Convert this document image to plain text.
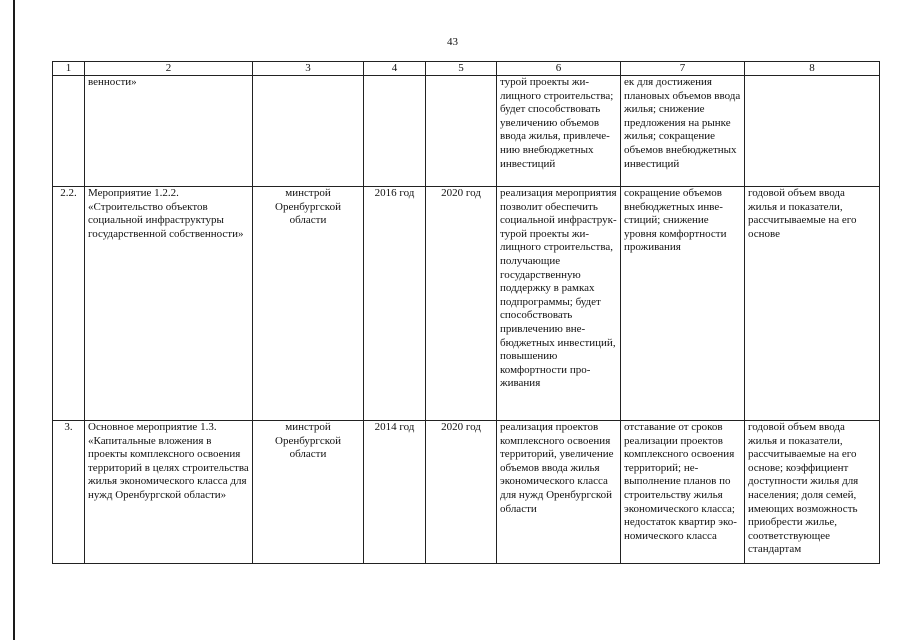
43
1	2	3	4	5	6	7	8
	венности»				турой проекты жилищного строительства; будет способствовать увеличению объемов ввода жилья, привлечению внебюджетных инвестиций	ек для достижения плановых объемов ввода жилья; снижение предложения на рынке жилья; сокращение объемов внебюджетных инвестиций	
2.2.	Мероприятие 1.2.2. «Строительство объектов социальной инфраструктуры государственной собственности»	минстрой Оренбургской области	2016 год	2020 год	реализация мероприятия позволит обеспечить социальной инфраструктурой проекты жилищного строительства, получающие государственную поддержку в рамках подпрограммы; будет способствовать привлечению внебюджетных инвестиций, повышению комфортности проживания	сокращение объемов внебюджетных инвестиций; снижение уровня комфортности проживания	годовой объем ввода жилья и показатели, рассчитываемые на его основе
3.	Основное мероприятие 1.3. «Капитальные вложения в проекты комплексного освоения территорий в целях строительства жилья экономического класса для нужд Оренбургской области»	минстрой Оренбургской области	2014 год	2020 год	реализация проектов комплексного освоения территорий, увеличение объемов ввода жилья экономического класса для нужд Оренбургской области	отставание от сроков реализации проектов комплексного освоения территорий; невыполнение планов по строительству жилья экономического класса; недостаток квартир экономического класса	годовой объем ввода жилья и показатели, рассчитываемые на его основе; коэффициент доступности жилья для населения; доля семей, имеющих возможность приобрести жилье, соответствующее стандартам
